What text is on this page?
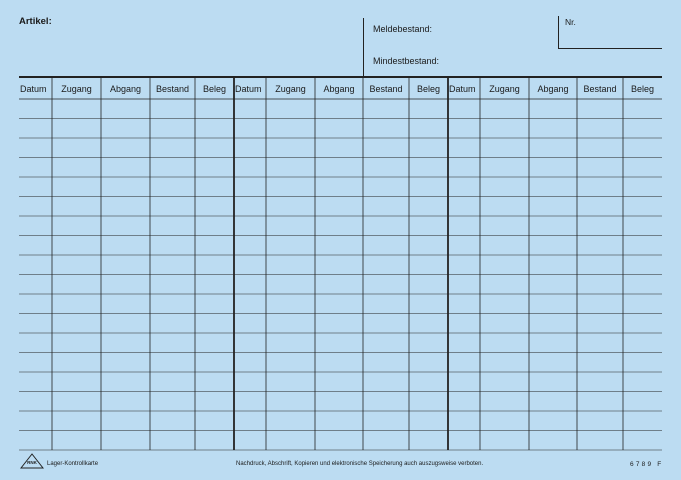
Artikel:
Meldebestand:
Mindestbestand:
Nr.
Datum Zugang Abgang Bestand Beleg Datum Zugang Abgang Bestand Beleg Datum Zugang Abgang Bestand Beleg
RNK Lager-Kontrollkarte	Nachdruck, Abschrift, Kopieren und elektronische Speicherung auch auszugsweise verboten.	6789 F
